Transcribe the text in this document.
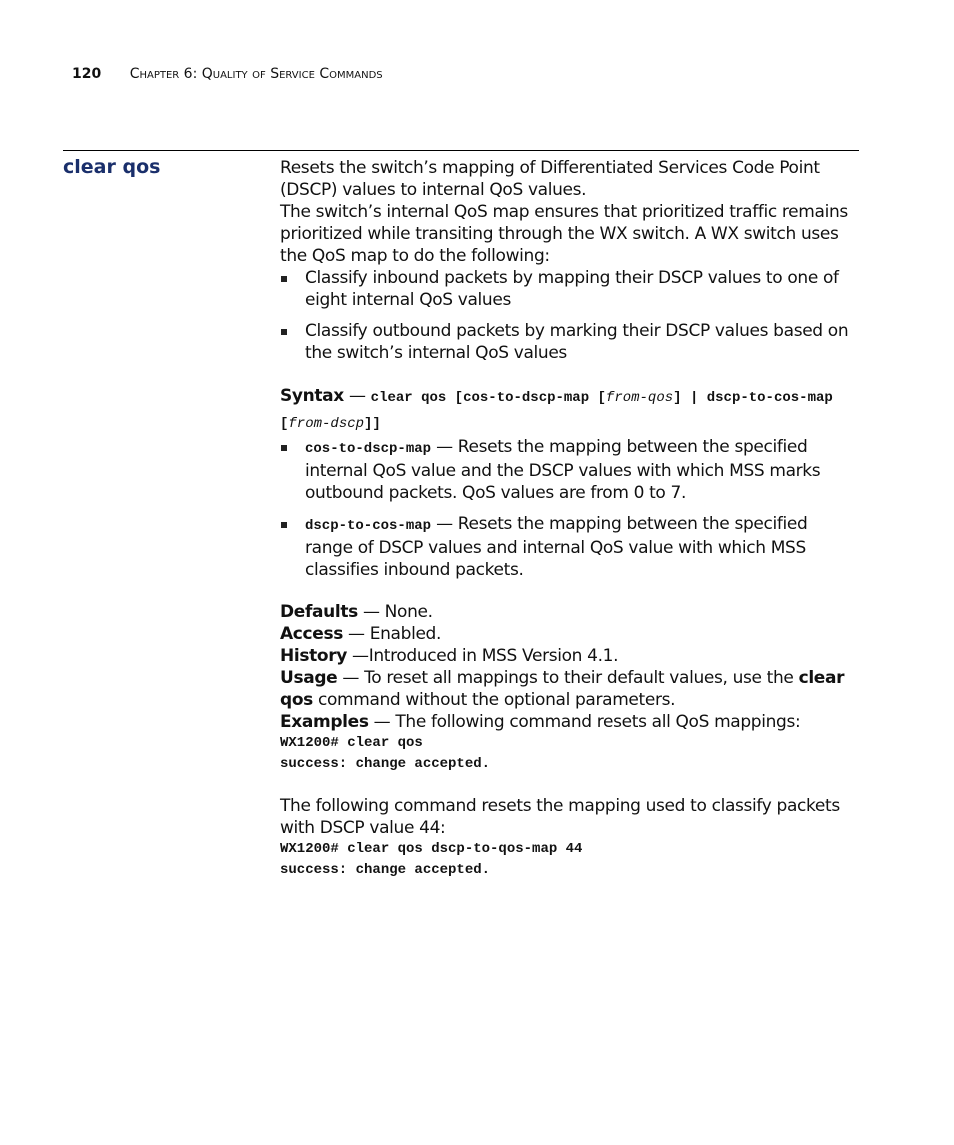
120 Chapter 6: Quality of Service Commands
clear qos	Resets the switch’s mapping of Differentiated Services Code Point (DSCP) values to internal QoS values.

The switch’s internal QoS map ensures that prioritized traffic remains prioritized while transiting through the WX switch. A WX switch uses the QoS map to do the following:

Classify inbound packets by mapping their DSCP values to one of eight internal QoS values
Classify outbound packets by marking their DSCP values based on the switch’s internal QoS values

Syntax — clear qos [cos-to-dscp-map [from-qos] | dscp-to-cos-map [from-dscp]]

cos-to-dscp-map — Resets the mapping between the specified internal QoS value and the DSCP values with which MSS marks outbound packets. QoS values are from 0 to 7.
dscp-to-cos-map — Resets the mapping between the specified range of DSCP values and internal QoS value with which MSS classifies inbound packets.

Defaults — None.

Access — Enabled.

History —Introduced in MSS Version 4.1.

Usage — To reset all mappings to their default values, use the clear qos command without the optional parameters.

Examples — The following command resets all QoS mappings:

WX1200# clear qos
success: change accepted.

The following command resets the mapping used to classify packets with DSCP value 44:

WX1200# clear qos dscp-to-qos-map 44
success: change accepted.
